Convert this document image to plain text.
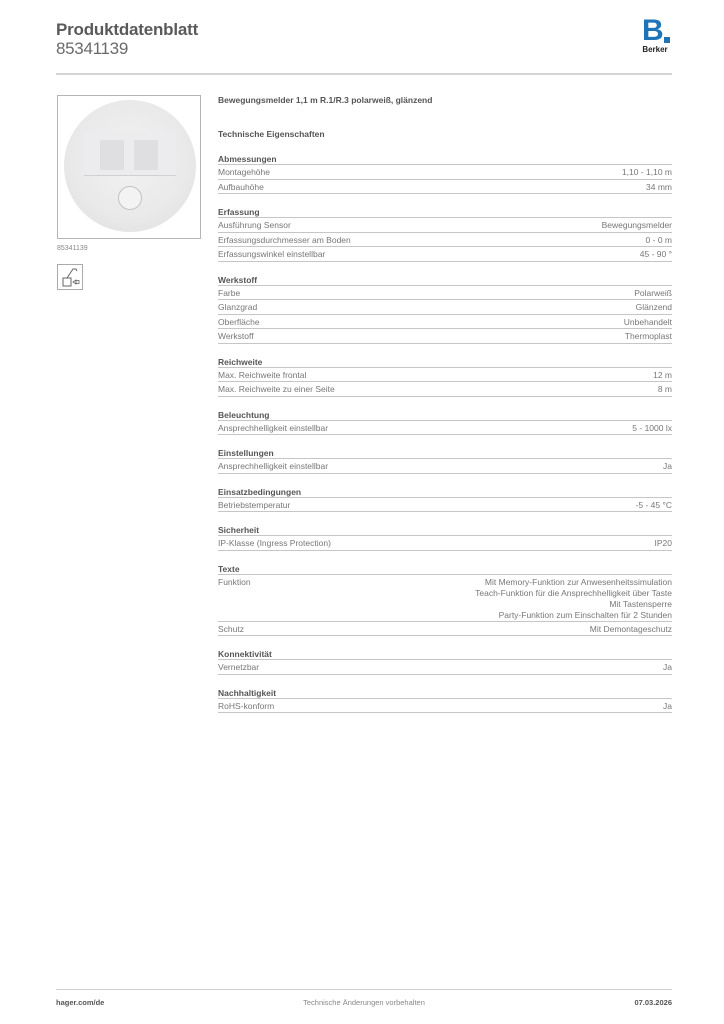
Produktdatenblatt
85341139
B
Berker
85341139
Bewegungsmelder 1,1 m R.1/R.3 polarweiß, glänzend
Technische Eigenschaften
Abmessungen
Montagehöhe	1,10 - 1,10 m
Aufbauhöhe	34 mm
Erfassung
Ausführung Sensor	Bewegungsmelder
Erfassungsdurchmesser am Boden	0 - 0 m
Erfassungswinkel einstellbar	45 - 90 °
Werkstoff
Farbe	Polarweiß
Glanzgrad	Glänzend
Oberfläche	Unbehandelt
Werkstoff	Thermoplast
Reichweite
Max. Reichweite frontal	12 m
Max. Reichweite zu einer Seite	8 m
Beleuchtung
Ansprechhelligkeit einstellbar	5 - 1000 lx
Einstellungen
Ansprechhelligkeit einstellbar	Ja
Einsatzbedingungen
Betriebstemperatur	-5 - 45 °C
Sicherheit
IP-Klasse (Ingress Protection)	IP20
Texte
Funktion	Mit Memory-Funktion zur Anwesenheitssimulation
Teach-Funktion für die Ansprechhelligkeit über Taste
Mit Tastensperre
Party-Funktion zum Einschalten für 2 Stunden
Schutz	Mit Demontageschutz
Konnektivität
Vernetzbar	Ja
Nachhaltigkeit
RoHS-konform	Ja
Technische Änderungen vorbehalten
hager.com/de	07.03.2026
